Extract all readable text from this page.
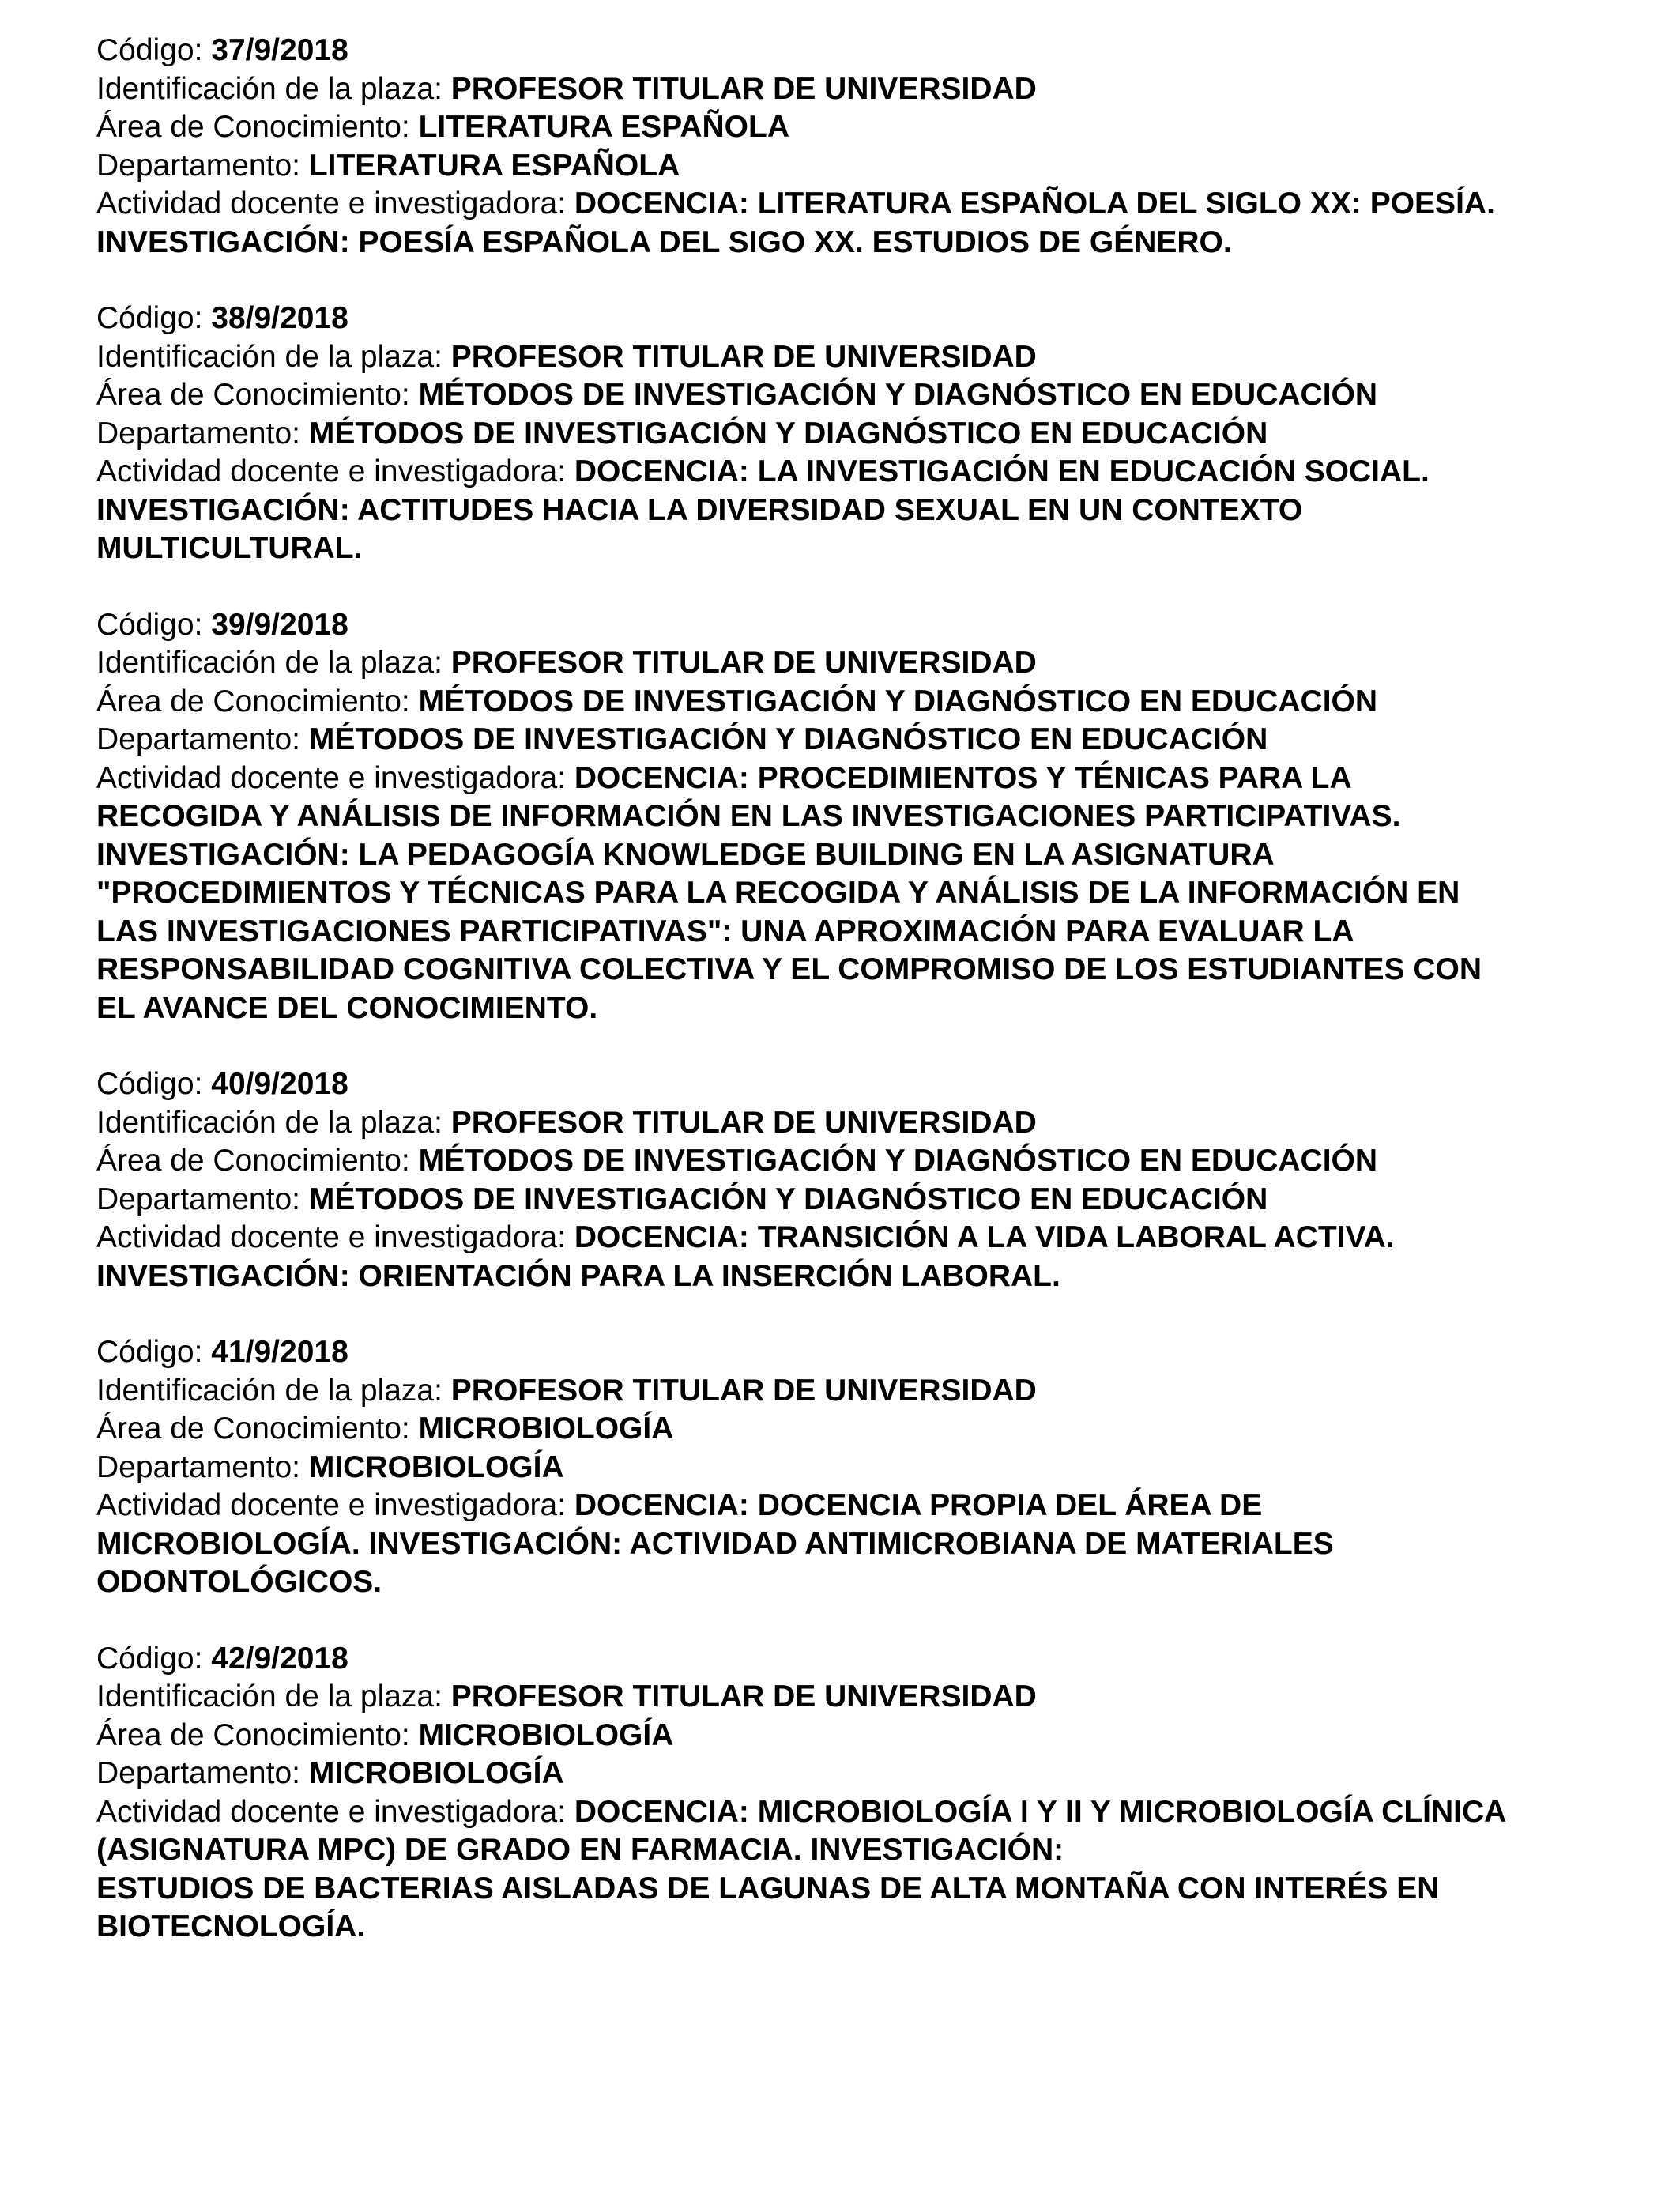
Código: 37/9/2018
Identificación de la plaza: PROFESOR TITULAR DE UNIVERSIDAD
Área de Conocimiento: LITERATURA ESPAÑOLA
Departamento: LITERATURA ESPAÑOLA
Actividad docente e investigadora: DOCENCIA: LITERATURA ESPAÑOLA DEL SIGLO XX: POESÍA.
INVESTIGACIÓN: POESÍA ESPAÑOLA DEL SIGO XX. ESTUDIOS DE GÉNERO.
Código: 38/9/2018
Identificación de la plaza: PROFESOR TITULAR DE UNIVERSIDAD
Área de Conocimiento: MÉTODOS DE INVESTIGACIÓN Y DIAGNÓSTICO EN EDUCACIÓN
Departamento: MÉTODOS DE INVESTIGACIÓN Y DIAGNÓSTICO EN EDUCACIÓN
Actividad docente e investigadora: DOCENCIA: LA INVESTIGACIÓN EN EDUCACIÓN SOCIAL.
INVESTIGACIÓN: ACTITUDES HACIA LA DIVERSIDAD SEXUAL EN UN CONTEXTO
MULTICULTURAL.
Código: 39/9/2018
Identificación de la plaza: PROFESOR TITULAR DE UNIVERSIDAD
Área de Conocimiento: MÉTODOS DE INVESTIGACIÓN Y DIAGNÓSTICO EN EDUCACIÓN
Departamento: MÉTODOS DE INVESTIGACIÓN Y DIAGNÓSTICO EN EDUCACIÓN
Actividad docente e investigadora: DOCENCIA: PROCEDIMIENTOS Y TÉNICAS PARA LA
RECOGIDA Y ANÁLISIS DE INFORMACIÓN EN LAS INVESTIGACIONES PARTICIPATIVAS.
INVESTIGACIÓN: LA PEDAGOGÍA KNOWLEDGE BUILDING EN LA ASIGNATURA
"PROCEDIMIENTOS Y TÉCNICAS PARA LA RECOGIDA Y ANÁLISIS DE LA INFORMACIÓN EN
LAS INVESTIGACIONES PARTICIPATIVAS": UNA APROXIMACIÓN PARA EVALUAR LA
RESPONSABILIDAD COGNITIVA COLECTIVA Y EL COMPROMISO DE LOS ESTUDIANTES CON
EL AVANCE DEL CONOCIMIENTO.
Código: 40/9/2018
Identificación de la plaza: PROFESOR TITULAR DE UNIVERSIDAD
Área de Conocimiento: MÉTODOS DE INVESTIGACIÓN Y DIAGNÓSTICO EN EDUCACIÓN
Departamento: MÉTODOS DE INVESTIGACIÓN Y DIAGNÓSTICO EN EDUCACIÓN
Actividad docente e investigadora: DOCENCIA: TRANSICIÓN A LA VIDA LABORAL ACTIVA.
INVESTIGACIÓN: ORIENTACIÓN PARA LA INSERCIÓN LABORAL.
Código: 41/9/2018
Identificación de la plaza: PROFESOR TITULAR DE UNIVERSIDAD
Área de Conocimiento: MICROBIOLOGÍA
Departamento: MICROBIOLOGÍA
Actividad docente e investigadora: DOCENCIA: DOCENCIA PROPIA DEL ÁREA DE
MICROBIOLOGÍA. INVESTIGACIÓN: ACTIVIDAD ANTIMICROBIANA DE MATERIALES
ODONTOLÓGICOS.
Código: 42/9/2018
Identificación de la plaza: PROFESOR TITULAR DE UNIVERSIDAD
Área de Conocimiento: MICROBIOLOGÍA
Departamento: MICROBIOLOGÍA
Actividad docente e investigadora: DOCENCIA: MICROBIOLOGÍA I Y II Y MICROBIOLOGÍA CLÍNICA
(ASIGNATURA MPC) DE GRADO EN FARMACIA. INVESTIGACIÓN:
ESTUDIOS DE BACTERIAS AISLADAS DE LAGUNAS DE ALTA MONTAÑA CON INTERÉS EN
BIOTECNOLOGÍA.
